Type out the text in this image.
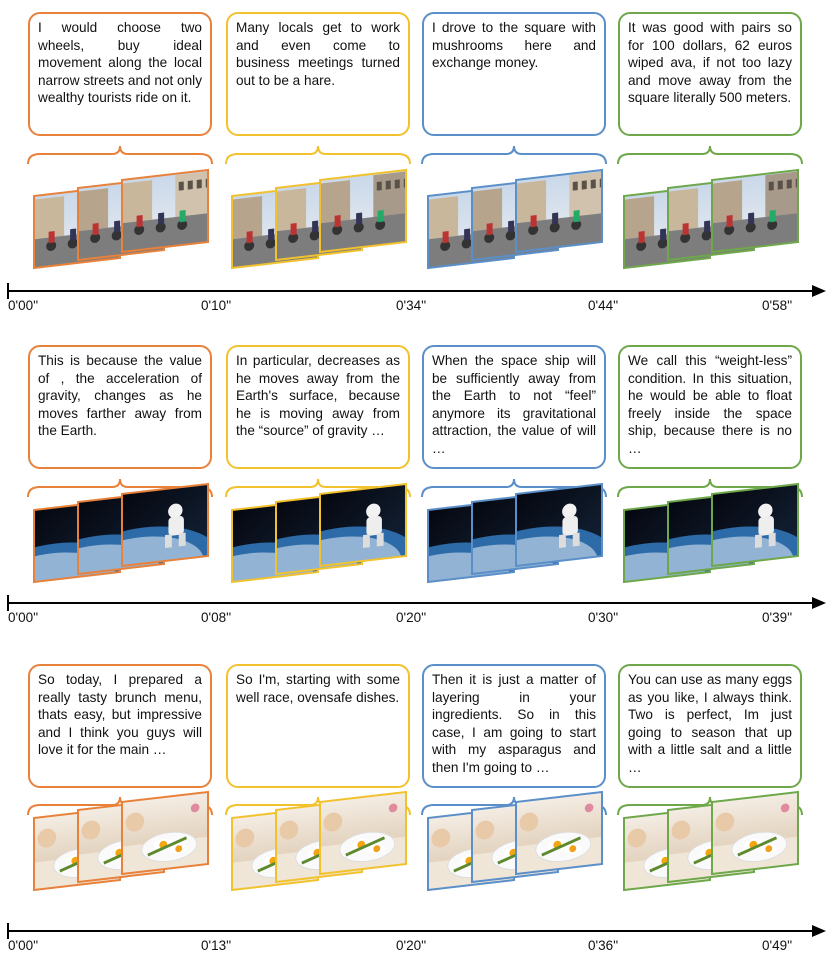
I would choose two wheels, buy ideal movement along the local narrow streets and not only wealthy tourists ride on it.
Many locals get to work and even come to business meetings turned out to be a hare.
I drove to the square with mushrooms here and exchange money.
It was good with pairs so for 100 dollars, 62 euros wiped ava, if not too lazy and move away from the square literally 500 meters.
This is because the value of , the acceleration of gravity, changes as he moves farther away from the Earth.
In particular, decreases as he moves away from the Earth's surface, because he is moving away from the “source” of gravity …
When the space ship will be sufficiently away from the Earth to not “feel” anymore its gravitational attraction, the value of will …
We call this “weight-less” condition. In this situation, he would be able to float freely inside the space ship, because there is no …
So today, I prepared a really tasty brunch menu, thats easy, but impressive and I think you guys will love it for the main …
So I'm, starting with some well race, ovensafe dishes.
Then it is just a matter of layering in your ingredients. So in this case, I am going to start with my asparagus and then I'm going to …
You can use as many eggs as you like, I always think. Two is perfect, Im just going to season that up with a little salt and a little …
0'00''	0'10''	0'34''	0'44''	0'58''
0'00''	0'08''	0'20''	0'30''	0'39''
0'00''	0'13''	0'20''	0'36''	0'49''
